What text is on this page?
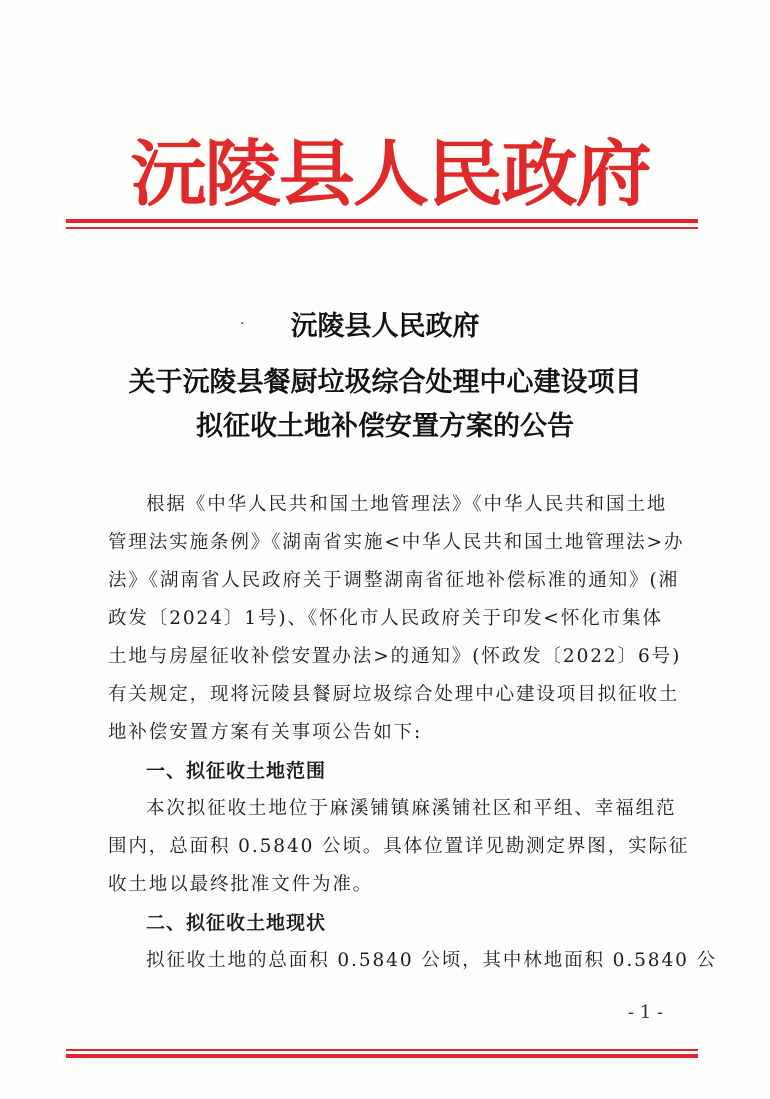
沅陵县人民政府
·	沅陵县人民政府
关于沅陵县餐厨垃圾综合处理中心建设项目
拟征收土地补偿安置方案的公告
根据《中华人民共和国土地管理法》《中华人民共和国土地
管理法实施条例》《湖南省实施<中华人民共和国土地管理法>办
法》《湖南省人民政府关于调整湖南省征地补偿标准的通知》(湘
政发〔2024〕1号)、《怀化市人民政府关于印发<怀化市集体
土地与房屋征收补偿安置办法>的通知》(怀政发〔2022〕6号)
有关规定，现将沅陵县餐厨垃圾综合处理中心建设项目拟征收土
地补偿安置方案有关事项公告如下:
一、拟征收土地范围
本次拟征收土地位于麻溪铺镇麻溪铺社区和平组、幸福组范
围内，总面积 0.5840 公顷。具体位置详见勘测定界图，实际征
收土地以最终批准文件为准。
二、拟征收土地现状
拟征收土地的总面积 0.5840 公顷，其中林地面积 0.5840 公
- 1 -
